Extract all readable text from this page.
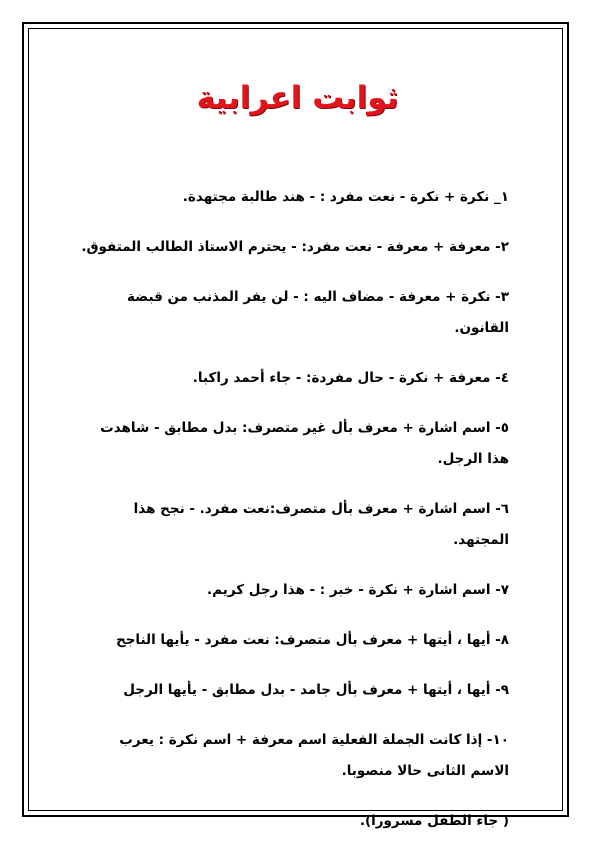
ثوابت اعرابية
١_ نكرة + نكرة - نعت مفرد : - هند طالبة مجتهدة.
٢- معرفة + معرفة - نعت مفرد: - يحترم الاستاذ الطالب المتفوق.
٣- نكرة + معرفة - مضاف اليه : - لن يفر المذنب من قبضة القانون.
٤- معرفة + نكرة - حال مفردة: - جاء أحمد راكبا.
٥- اسم اشارة + معرف بأل غير متصرف: بدل مطابق - شاهدت هذا الرجل.
٦- اسم اشارة + معرف بأل متصرف:نعت مفرد. - نجح هذا المجتهد.
٧- اسم اشارة + نكرة - خبر : - هذا رجل كريم.
٨- أيها ، أيتها + معرف بأل متصرف: نعت مفرد - يأيها الناجح
٩- أيها ، أيتها + معرف بأل جامد - بدل مطابق - يأيها الرجل
١٠- إذا كانت الجملة الفعلية اسم معرفة + اسم نكرة : يعرب الاسم الثانى حالا منصوبا.
( جاء الطفل مسرورا).
